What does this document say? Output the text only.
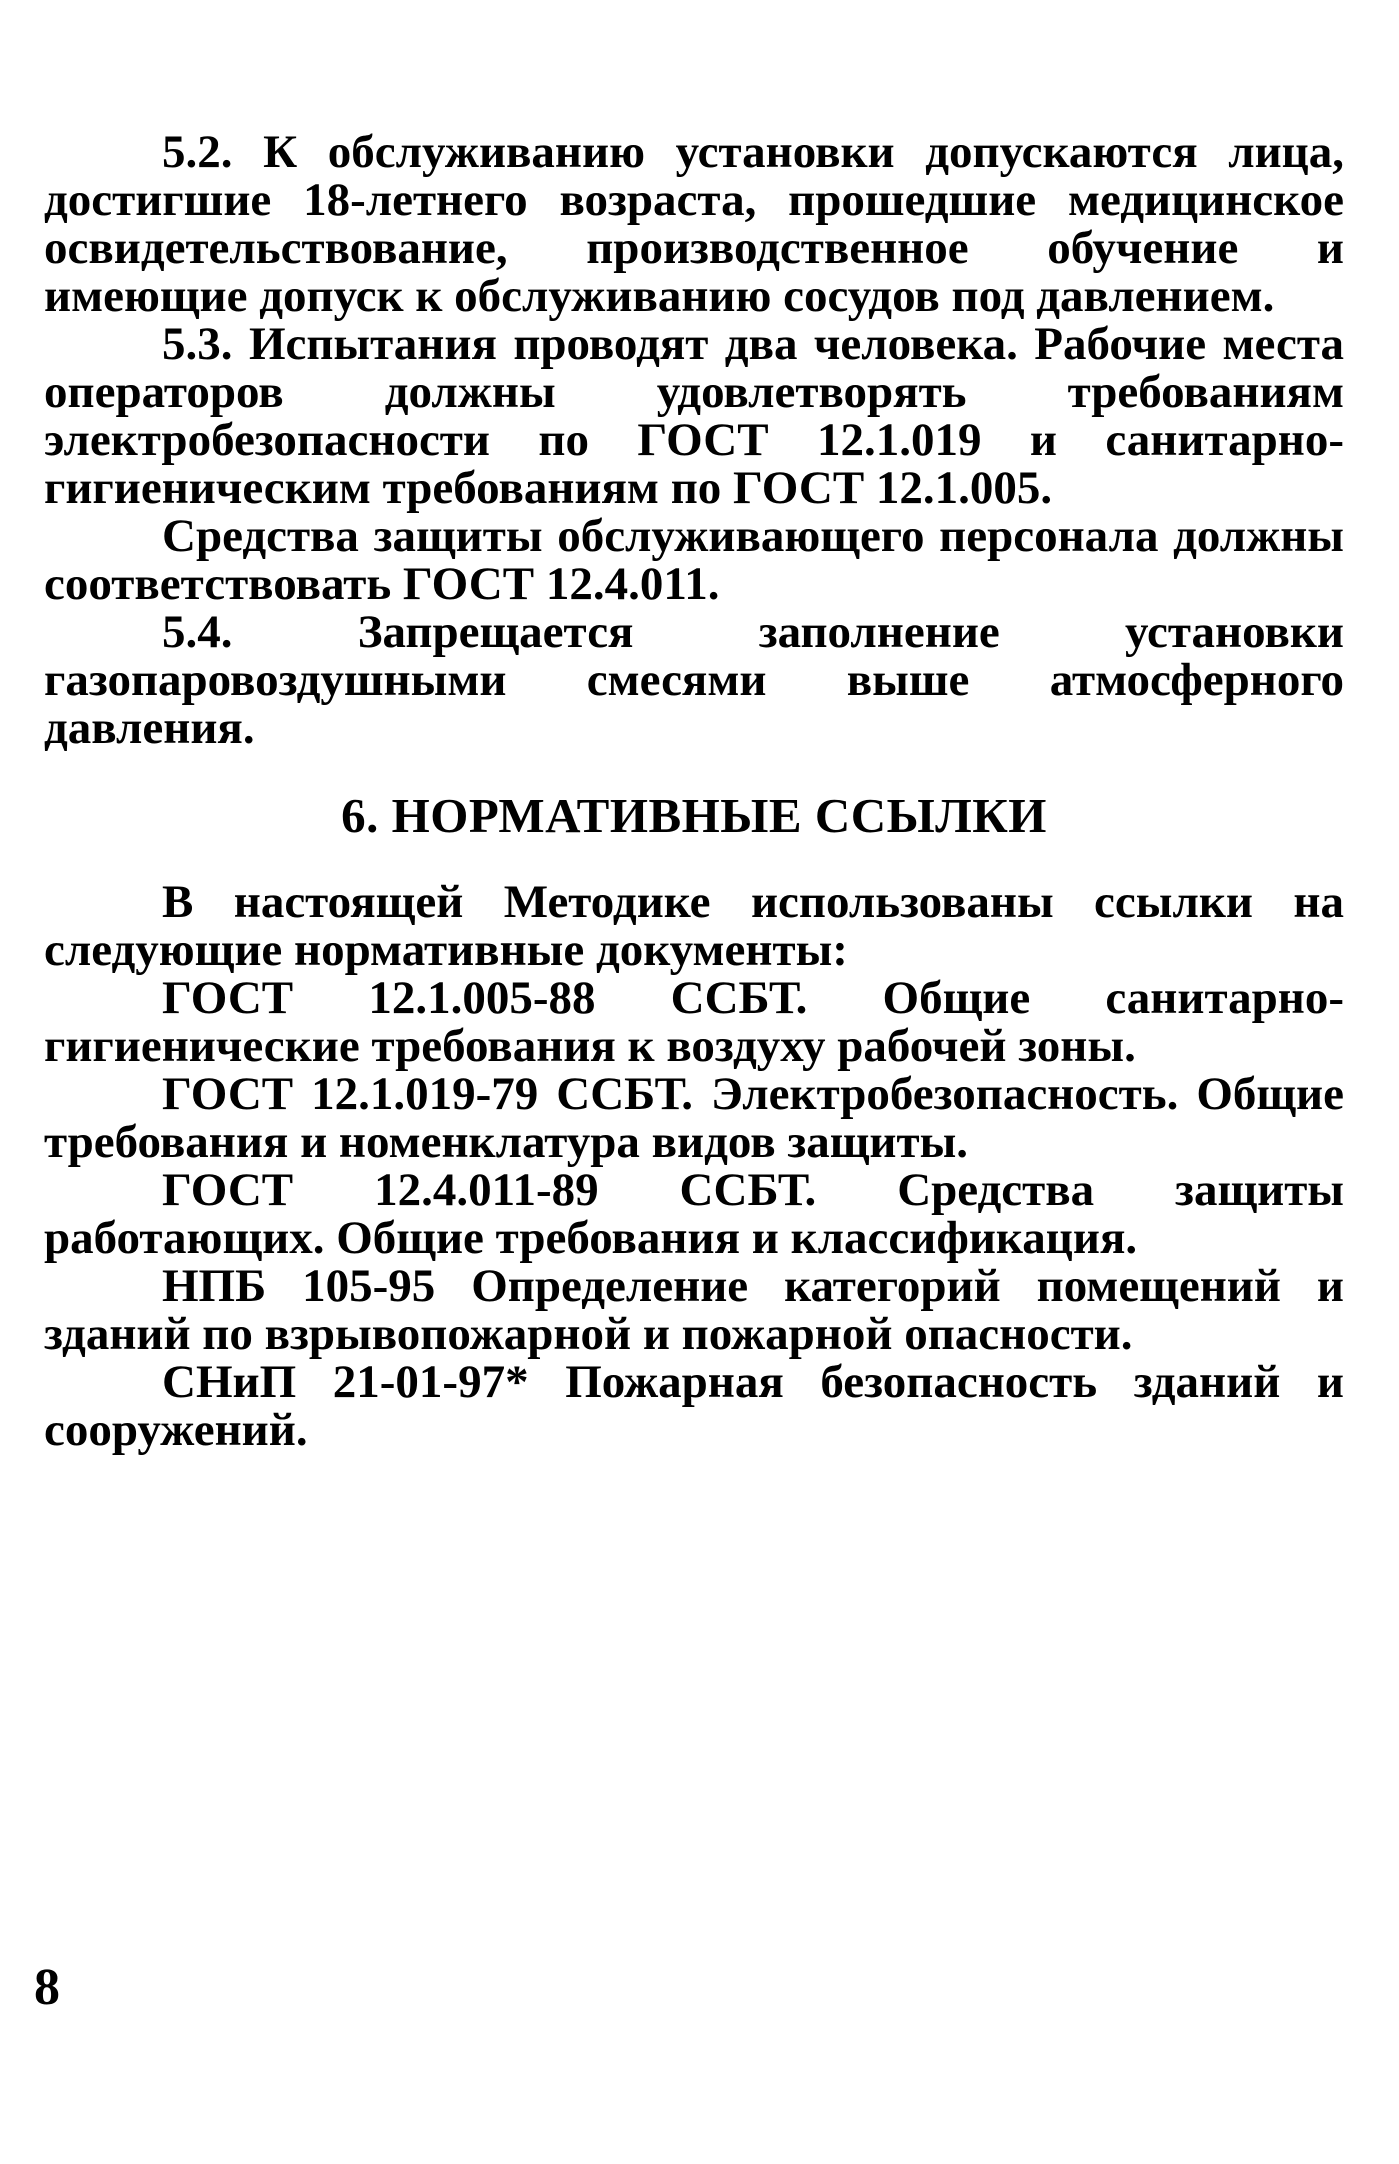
5.2. К обслуживанию установки допускаются лица, достигшие 18-летнего возраста, прошедшие медицинское освидетельствование, производственное обучение и имеющие допуск к обслуживанию сосудов под давлением.

5.3. Испытания проводят два человека. Рабочие места операторов должны удовлетворять требованиям электробезопасности по ГОСТ 12.1.019 и санитарно-гигиеническим требованиям по ГОСТ 12.1.005.

Средства защиты обслуживающего персонала должны соответствовать ГОСТ 12.4.011.

5.4. Запрещается заполнение установки газопаровоздушными смесями выше атмосферного давления.

6. НОРМАТИВНЫЕ ССЫЛКИ

В настоящей Методике использованы ссылки на следующие нормативные документы:

ГОСТ 12.1.005-88 ССБТ. Общие санитарно-гигиенические требования к воздуху рабочей зоны.

ГОСТ 12.1.019-79 ССБТ. Электробезопасность. Общие требования и номенклатура видов защиты.

ГОСТ 12.4.011-89 ССБТ. Средства защиты работающих. Общие требования и классификация.

НПБ 105-95 Определение категорий помещений и зданий по взрывопожарной и пожарной опасности.

СНиП 21-01-97* Пожарная безопасность зданий и сооружений.

8
